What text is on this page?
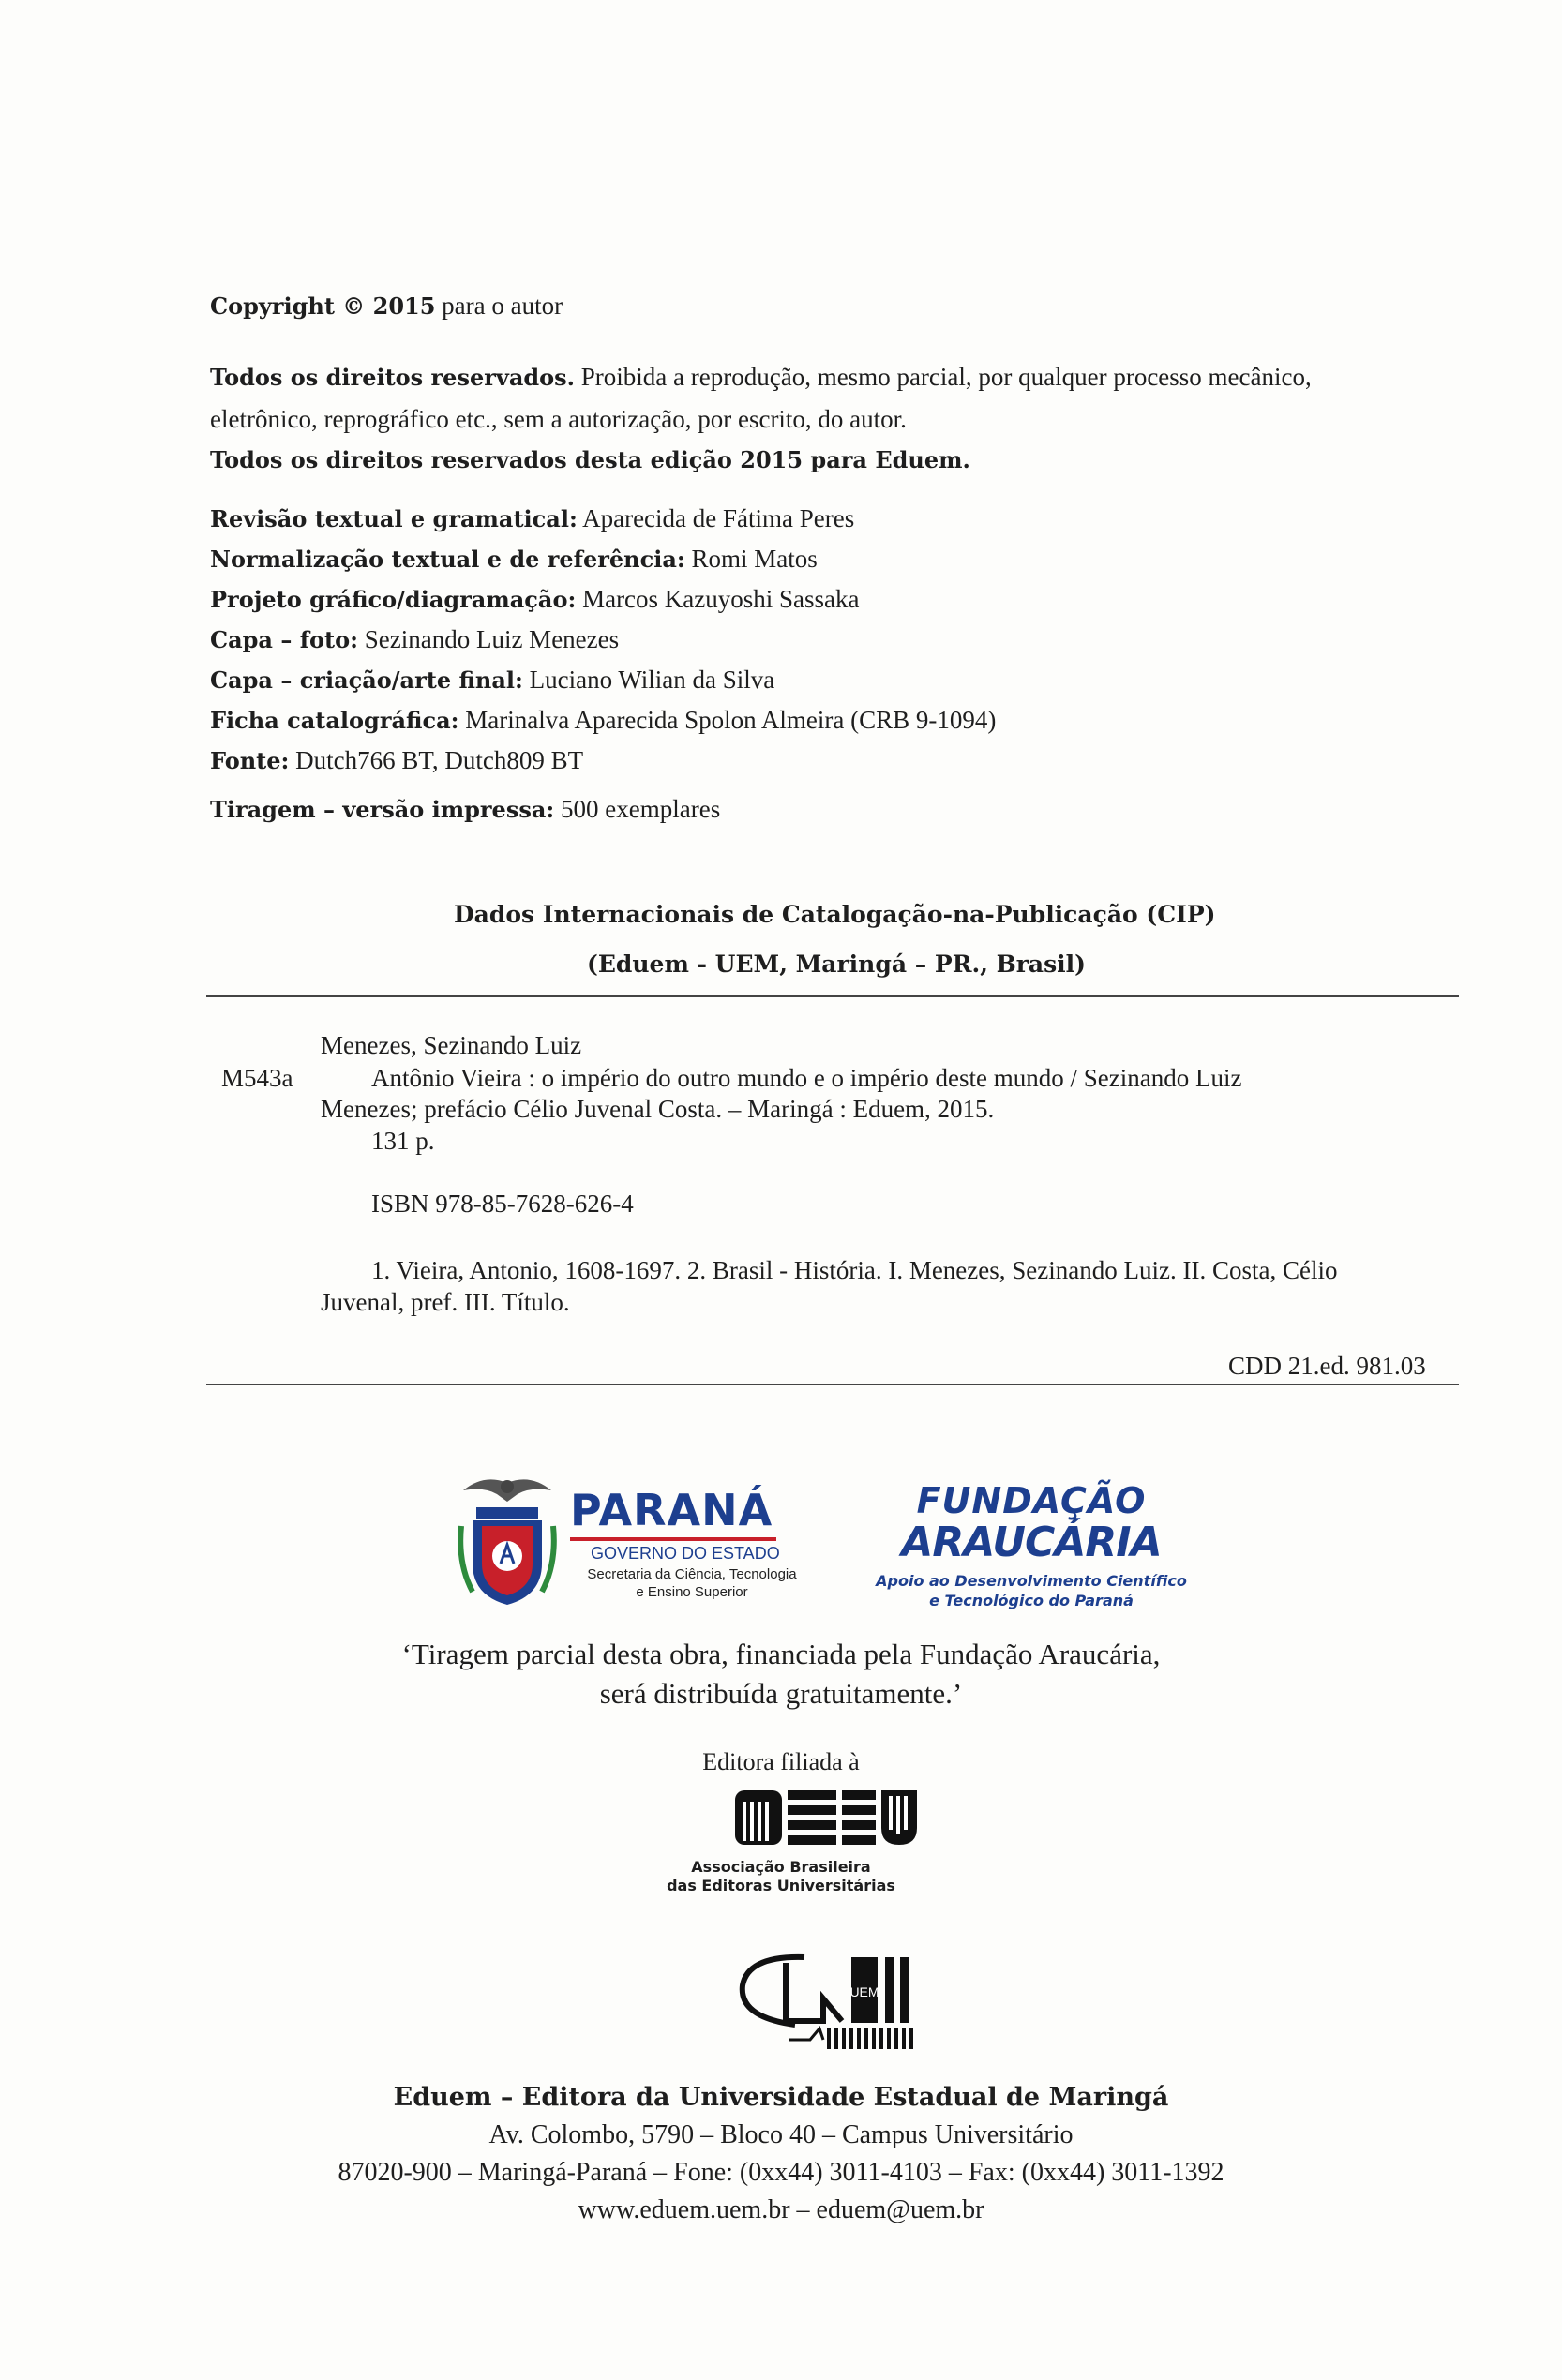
Copyright © 2015 para o autor
Todos os direitos reservados. Proibida a reprodução, mesmo parcial, por qualquer processo mecânico,
eletrônico, reprográfico etc., sem a autorização, por escrito, do autor.
Todos os direitos reservados desta edição 2015 para Eduem.
Revisão textual e gramatical: Aparecida de Fátima Peres
Normalização textual e de referência: Romi Matos
Projeto gráfico/diagramação: Marcos Kazuyoshi Sassaka
Capa – foto: Sezinando Luiz Menezes
Capa – criação/arte final: Luciano Wilian da Silva
Ficha catalográfica: Marinalva Aparecida Spolon Almeira (CRB 9-1094)
Fonte: Dutch766 BT, Dutch809 BT
Tiragem – versão impressa: 500 exemplares
Dados Internacionais de Catalogação-na-Publicação (CIP)
(Eduem - UEM, Maringá – PR., Brasil)
Menezes, Sezinando Luiz
M543a	Antônio Vieira : o império do outro mundo e o império deste mundo / Sezinando Luiz
Menezes; prefácio Célio Juvenal Costa. – Maringá : Eduem, 2015.
131 p.
ISBN 978-85-7628-626-4
1. Vieira, Antonio, 1608-1697. 2. Brasil - História. I. Menezes, Sezinando Luiz. II. Costa, Célio
Juvenal, pref. III. Título.
CDD 21.ed. 981.03
PARANÁ
GOVERNO DO ESTADO
Secretaria da Ciência, Tecnologia
e Ensino Superior
FUNDAÇÃO
ARAUCÁRIA
Apoio ao Desenvolvimento Científico
e Tecnológico do Paraná
‘Tiragem parcial desta obra, financiada pela Fundação Araucária,
será distribuída gratuitamente.’
Editora filiada à
Associação Brasileira
das Editoras Universitárias
UEM
Eduem – Editora da Universidade Estadual de Maringá
Av. Colombo, 5790 – Bloco 40 – Campus Universitário
87020-900 – Maringá-Paraná – Fone: (0xx44) 3011-4103 – Fax: (0xx44) 3011-1392
www.eduem.uem.br – eduem@uem.br
